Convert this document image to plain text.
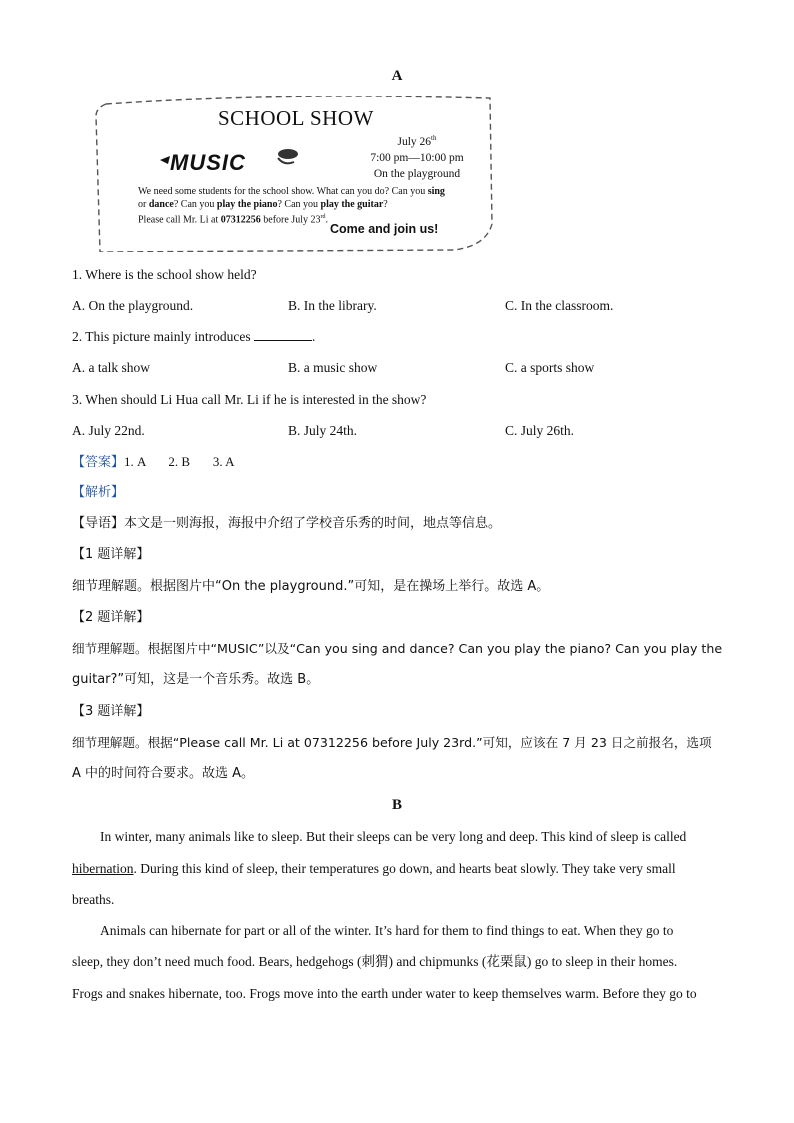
A
SCHOOL SHOW
MUSIC
July 26th
7:00 pm—10:00 pm
On the playground
We need some students for the school show. What can you do? Can you sing
or dance? Can you play the piano? Can you play the guitar?
Please call Mr. Li at 07312256 before July 23rd.
Come and join us!
1. Where is the school show held?
A. On the playground.	B. In the library.	C. In the classroom.
2. This picture mainly introduces	.
A. a talk show	B. a music show	C. a sports show
3. When should Li Hua call Mr. Li if he is interested in the show?
A. July 22nd.	B. July 24th.	C. July 26th.
【答案】1. A       2. B       3. A
【解析】
【导语】本文是一则海报，海报中介绍了学校音乐秀的时间，地点等信息。
【1 题详解】
细节理解题。根据图片中“On the playground.”可知，是在操场上举行。故选 A。
【2 题详解】
细节理解题。根据图片中“MUSIC”以及“Can you sing and dance? Can you play the piano? Can you play the
guitar?”可知，这是一个音乐秀。故选 B。
【3 题详解】
细节理解题。根据“Please call Mr. Li at 07312256 before July 23rd.”可知，应该在 7 月 23 日之前报名，选项
A 中的时间符合要求。故选 A。
B
In winter, many animals like to sleep. But their sleeps can be very long and deep. This kind of sleep is called
hibernation. During this kind of sleep, their temperatures go down, and hearts beat slowly. They take very small
breaths.
Animals can hibernate for part or all of the winter. It’s hard for them to find things to eat. When they go to
sleep, they don’t need much food. Bears, hedgehogs (刺猬) and chipmunks (花栗鼠) go to sleep in their homes.
Frogs and snakes hibernate, too. Frogs move into the earth under water to keep themselves warm. Before they go to
